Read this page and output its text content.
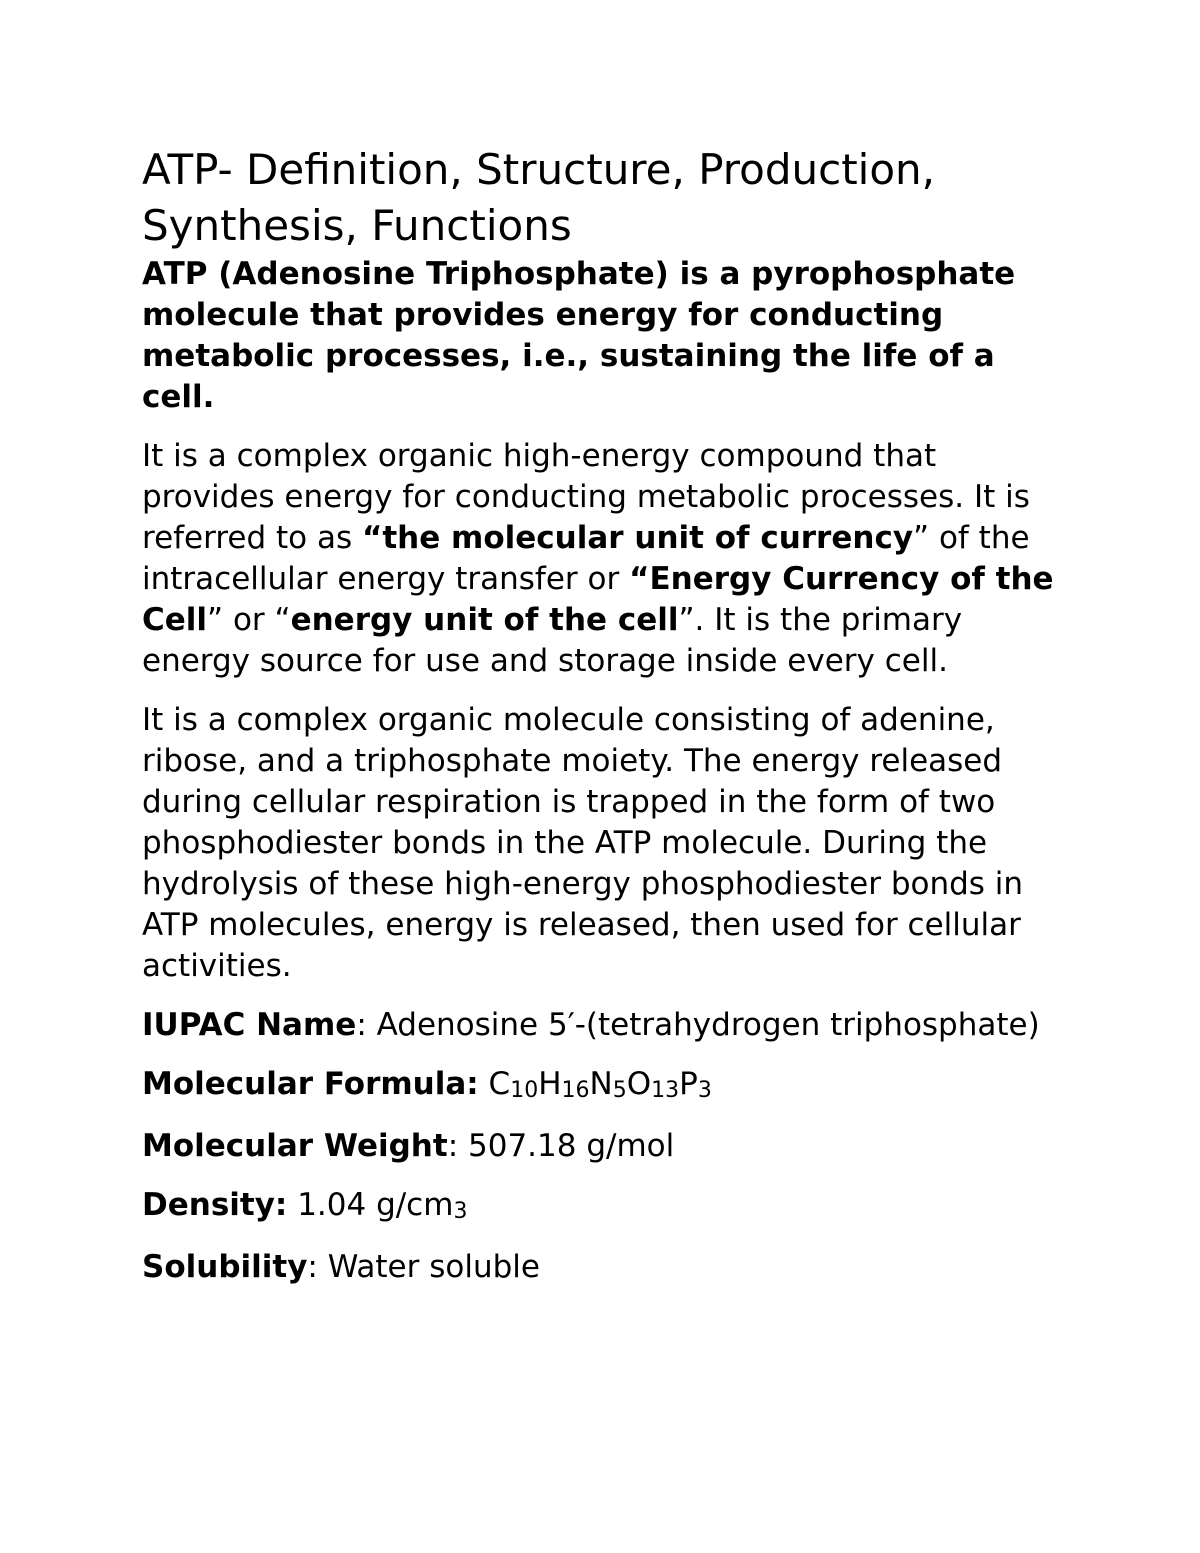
ATP- Definition, Structure, Production, Synthesis, Functions

ATP (Adenosine Triphosphate) is a pyrophosphate molecule that provides energy for conducting metabolic processes, i.e., sustaining the life of a cell.

It is a complex organic high-energy compound that provides energy for conducting metabolic processes. It is referred to as “the molecular unit of currency” of the intracellular energy transfer or “Energy Currency of the Cell” or “energy unit of the cell”. It is the primary energy source for use and storage inside every cell.

It is a complex organic molecule consisting of adenine, ribose, and a triphosphate moiety. The energy released during cellular respiration is trapped in the form of two phosphodiester bonds in the ATP molecule. During the hydrolysis of these high-energy phosphodiester bonds in ATP molecules, energy is released, then used for cellular activities.

IUPAC Name: Adenosine 5′-(tetrahydrogen triphosphate)

Molecular Formula: C10H16N5O13P3

Molecular Weight: 507.18 g/mol

Density: 1.04 g/cm3

Solubility: Water soluble
